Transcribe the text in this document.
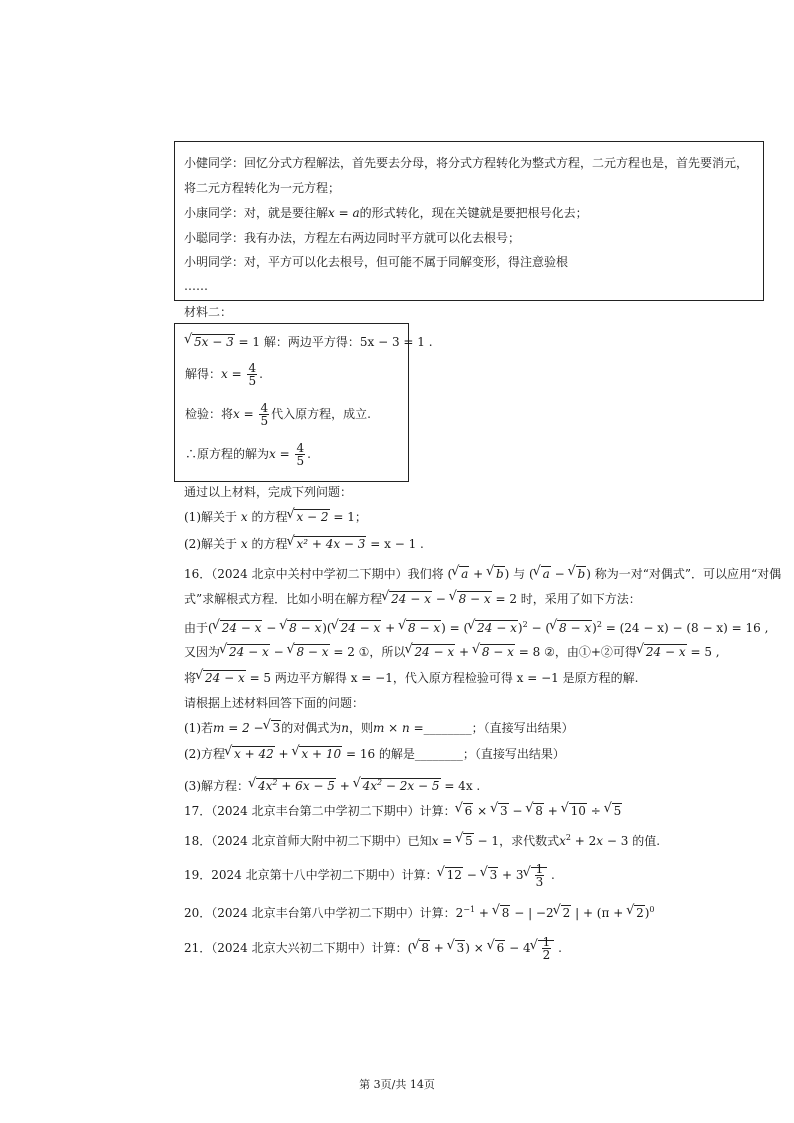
小健同学：回忆分式方程解法，首先要去分母，将分式方程转化为整式方程，二元方程也是，首先要消元，
将二元方程转化为一元方程；
小康同学：对，就是要往解x = a的形式转化，现在关键就是要把根号化去；
小聪同学：我有办法，方程左右两边同时平方就可以化去根号；
小明同学：对，平方可以化去根号，但可能不属于同解变形，得注意验根
……
材料二：
√ 5x − 3 = 1 解：两边平方得：5x − 3 = 1 .
解得：$x = \frac{4}{5}$ .
检验：将$x = \frac{4}{5}$ 代入原方程，成立.
∴原方程的解为$x = \frac{4}{5}$ .
通过以上材料，完成下列问题：
(1)解关于 x 的方程 √ x − 2 = 1；
(2)解关于 x 的方程 √ x² + 4x − 3 = x − 1 .
16．（2024 北京中关村中学初二下期中）我们将 ( √ a + √ b) 与 ( √ a − √ b) 称为一对“对偶式”．可以应用“对偶
式”求解根式方程．比如小明在解方程 √ 24 − x − √ 8 − x = 2 时，采用了如下方法：
由于( √ 24 − x − √ 8 − x)( √ 24 − x + √ 8 − x) = ( √ 24 − x)$^2$ − ( √ 8 − x)$^2$ = (24 − x) − (8 − x) = 16 ,
又因为 √ 24 − x − √ 8 − x = 2 ①，所以 √ 24 − x + √ 8 − x = 8 ②，由①+②可得 √ 24 − x = 5 ,
将 √ 24 − x = 5 两边平方解得 x = −1，代入原方程检验可得 x = −1 是原方程的解.
请根据上述材料回答下面的问题：
(1)若m = 2 − √ 3的对偶式为n，则m × n =________；（直接写出结果）
(2)方程 √ x + 42 + √ x + 10 = 16 的解是________；（直接写出结果）
(3)解方程： √ $4x^2 + 6x - 5$ + √ $4x^2 - 2x - 5 = 4x$ .
17．（2024 北京丰台第二中学初二下期中）计算： √ 6 × √ 3 − √ 8 + √ 10 ÷ √ 5
18．（2024 北京首师大附中初二下期中）已知x = √ 5 − 1，求代数式$x^2 + 2x - 3$ 的值.
19．2024 北京第十八中学初二下期中）计算： √ 12 − √ 3 + 3 √ $\frac{1}{3}$ .
20．（2024 北京丰台第八中学初二下期中）计算：$2^{-1}$ + √ 8 − | −2 √ 2 | + (π + √ 2)$^0$
21．（2024 北京大兴初二下期中）计算：( √ 8 + √ 3) × √ 6 − 4 √ $\frac{1}{2}$ .
第 3页/共 14页
